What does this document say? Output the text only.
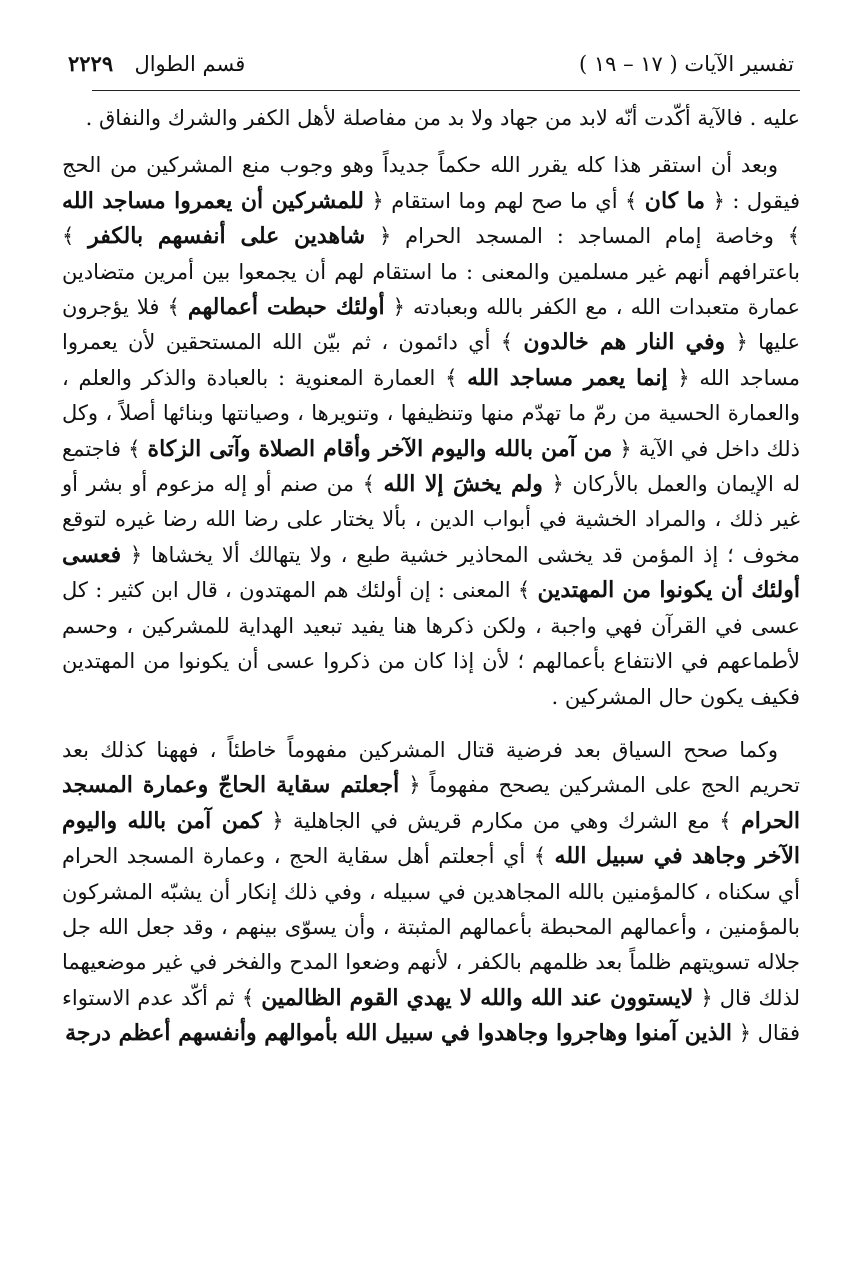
تفسير الآيات ( ١٧ – ١٩ )
قسم الطوال ٢٢٢٩

عليه . فالآية أكّدت أنّه لابد من جهاد ولا بد من مفاصلة لأهل الكفر والشرك والنفاق .

وبعد أن استقر هذا كله يقرر الله حكماً جديداً وهو وجوب منع المشركين من الحج فيقول : ﴿ ما كان ﴾ أي ما صح لهم وما استقام ﴿ للمشركين أن يعمروا مساجد الله ﴾ وخاصة إمام المساجد : المسجد الحرام ﴿ شاهدين على أنفسهم بالكفر ﴾ باعترافهم أنهم غير مسلمين والمعنى : ما استقام لهم أن يجمعوا بين أمرين متضادين عمارة متعبدات الله ، مع الكفر بالله وبعبادته ﴿ أولئك حبطت أعمالهم ﴾ فلا يؤجرون عليها ﴿ وفي النار هم خالدون ﴾ أي دائمون ، ثم بيّن الله المستحقين لأن يعمروا مساجد الله ﴿ إنما يعمر مساجد الله ﴾ العمارة المعنوية : بالعبادة والذكر والعلم ، والعمارة الحسية من رمّ ما تهدّم منها وتنظيفها ، وتنويرها ، وصيانتها وبنائها أصلاً ، وكل ذلك داخل في الآية ﴿ من آمن بالله واليوم الآخر وأقام الصلاة وآتى الزكاة ﴾ فاجتمع له الإيمان والعمل بالأركان ﴿ ولم يخشَ إلا الله ﴾ من صنم أو إله مزعوم أو بشر أو غير ذلك ، والمراد الخشية في أبواب الدين ، بألا يختار على رضا الله رضا غيره لتوقع مخوف ؛ إذ المؤمن قد يخشى المحاذير خشية طبع ، ولا يتهالك ألا يخشاها ﴿ فعسى أولئك أن يكونوا من المهتدين ﴾ المعنى : إن أولئك هم المهتدون ، قال ابن كثير : كل عسى في القرآن فهي واجبة ، ولكن ذكرها هنا يفيد تبعيد الهداية للمشركين ، وحسم لأطماعهم في الانتفاع بأعمالهم ؛ لأن إذا كان من ذكروا عسى أن يكونوا من المهتدين فكيف يكون حال المشركين .

وكما صحح السياق بعد فرضية قتال المشركين مفهوماً خاطئاً ، فههنا كذلك بعد تحريم الحج على المشركين يصحح مفهوماً ﴿ أجعلتم سقاية الحاجّ وعمارة المسجد الحرام ﴾ مع الشرك وهي من مكارم قريش في الجاهلية ﴿ كمن آمن بالله واليوم الآخر وجاهد في سبيل الله ﴾ أي أجعلتم أهل سقاية الحج ، وعمارة المسجد الحرام أي سكناه ، كالمؤمنين بالله المجاهدين في سبيله ، وفي ذلك إنكار أن يشبّه المشركون بالمؤمنين ، وأعمالهم المحبطة بأعمالهم المثبتة ، وأن يسوّى بينهم ، وقد جعل الله جل جلاله تسويتهم ظلماً بعد ظلمهم بالكفر ، لأنهم وضعوا المدح والفخر في غير موضعيهما لذلك قال ﴿ لايستوون عند الله والله لا يهدي القوم الظالمين ﴾ ثم أكّد عدم الاستواء فقال ﴿ الذين آمنوا وهاجروا وجاهدوا في سبيل الله بأموالهم وأنفسهم أعظم درجة
